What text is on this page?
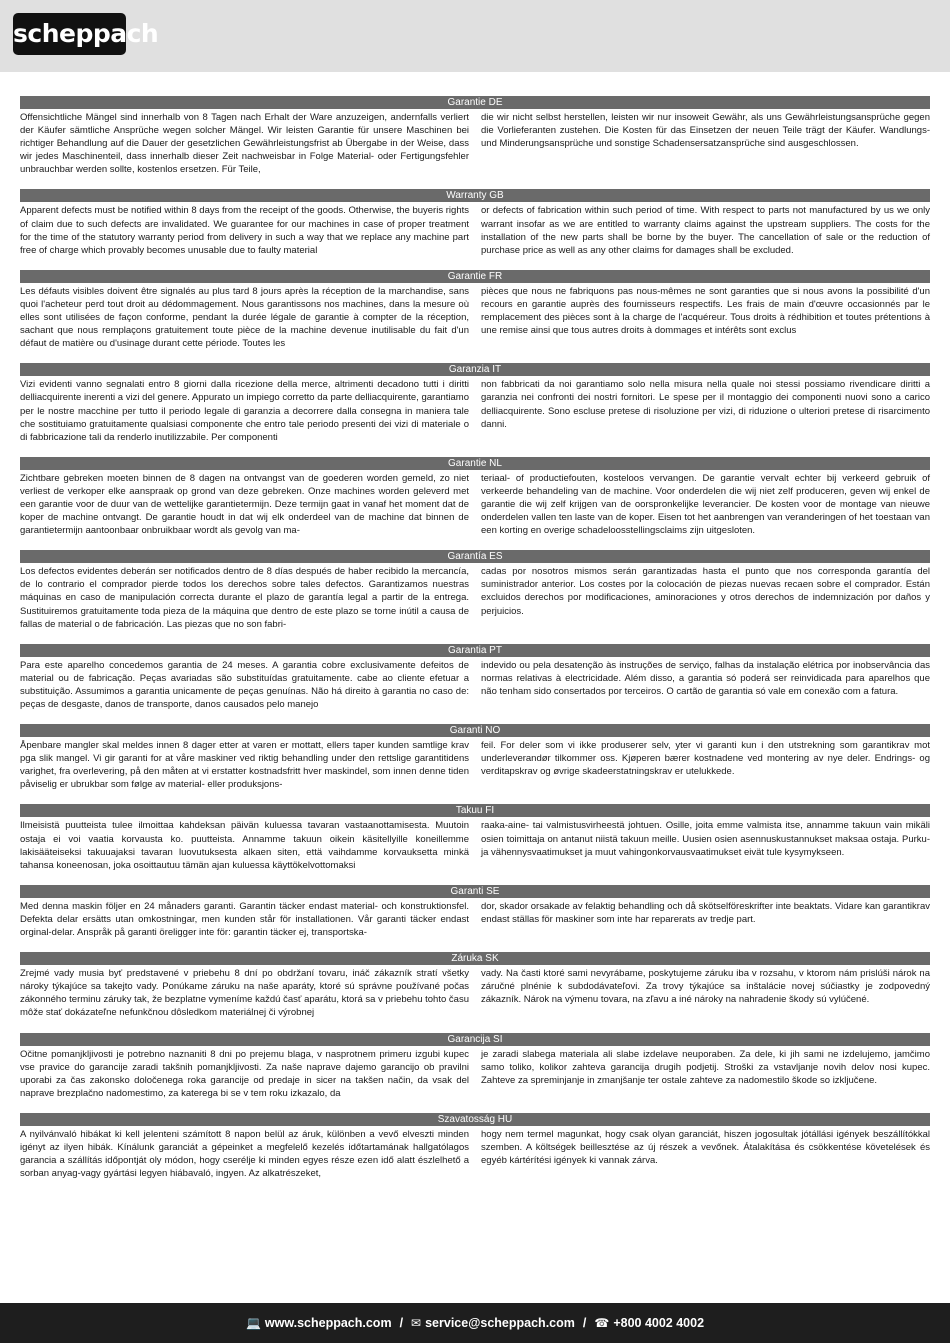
scheppach
Garantie DE

Offensichtliche Mängel sind innerhalb von 8 Tagen nach Erhalt der Ware anzuzeigen, andernfalls verliert der Käufer sämtliche Ansprüche wegen solcher Mängel. Wir leisten Garantie für unsere Maschinen bei richtiger Behandlung auf die Dauer der gesetzlichen Gewährleistungsfrist ab Übergabe in der Weise, dass wir jedes Maschinenteil, dass innerhalb dieser Zeit nachweisbar in Folge Material- oder Fertigungsfehler unbrauchbar werden sollte, kostenlos ersetzen. Für Teile,

die wir nicht selbst herstellen, leisten wir nur insoweit Gewähr, als uns Gewährleistungsansprüche gegen die Vorlieferanten zustehen. Die Kosten für das Einsetzen der neuen Teile trägt der Käufer. Wandlungs- und Minderungsansprüche und sonstige Schadensersatzansprüche sind ausgeschlossen.

Warranty GB

Apparent defects must be notified within 8 days from the receipt of the goods. Otherwise, the buyeris rights of claim due to such defects are invalidated. We guarantee for our machines in case of proper treatment for the time of the statutory warranty period from delivery in such a way that we replace any machine part free of charge which provably becomes unusable due to faulty material

or defects of fabrication within such period of time. With respect to parts not manufactured by us we only warrant insofar as we are entitled to warranty claims against the upstream suppliers. The costs for the installation of the new parts shall be borne by the buyer. The cancellation of sale or the reduction of purchase price as well as any other claims for damages shall be excluded.

Garantie FR

Les défauts visibles doivent être signalés au plus tard 8 jours après la réception de la marchandise, sans quoi l'acheteur perd tout droit au dédommagement. Nous garantissons nos machines, dans la mesure où elles sont utilisées de façon conforme, pendant la durée légale de garantie à compter de la réception, sachant que nous remplaçons gratuitement toute pièce de la machine devenue inutilisable du fait d'un défaut de matière ou d'usinage durant cette période. Toutes les

pièces que nous ne fabriquons pas nous-mêmes ne sont garanties que si nous avons la possibilité d'un recours en garantie auprès des fournisseurs respectifs. Les frais de main d'œuvre occasionnés par le remplacement des pièces sont à la charge de l'acquéreur. Tous droits à rédhibition et toutes prétentions à une remise ainsi que tous autres droits à dommages et intérêts sont exclus

Garanzia IT

Vizi evidenti vanno segnalati entro 8 giorni dalla ricezione della merce, altrimenti decadono tutti i diritti delliacquirente inerenti a vizi del genere. Appurato un impiego corretto da parte delliacquirente, garantiamo per le nostre macchine per tutto il periodo legale di garanzia a decorrere dalla consegna in maniera tale che sostituiamo gratuitamente qualsiasi componente che entro tale periodo presenti dei vizi di materiale o di fabbricazione tali da renderlo inutilizzabile. Per componenti

non fabbricati da noi garantiamo solo nella misura nella quale noi stessi possiamo rivendicare diritti a garanzia nei confronti dei nostri fornitori. Le spese per il montaggio dei componenti nuovi sono a carico delliacquirente. Sono escluse pretese di risoluzione per vizi, di riduzione o ulteriori pretese di risarcimento danni.

Garantie NL

Zichtbare gebreken moeten binnen de 8 dagen na ontvangst van de goederen worden gemeld, zo niet verliest de verkoper elke aanspraak op grond van deze gebreken. Onze machines worden geleverd met een garantie voor de duur van de wettelijke garantietermijn. Deze termijn gaat in vanaf het moment dat de koper de machine ontvangt. De garantie houdt in dat wij elk onderdeel van de machine dat binnen de garantietermijn aantoonbaar onbruikbaar wordt als gevolg van ma-

teriaal- of productiefouten, kosteloos vervangen. De garantie vervalt echter bij verkeerd gebruik of verkeerde behandeling van de machine. Voor onderdelen die wij niet zelf produceren, geven wij enkel de garantie die wij zelf krijgen van de oorspronkelijke leverancier. De kosten voor de montage van nieuwe onderdelen vallen ten laste van de koper. Eisen tot het aanbrengen van veranderingen of het toestaan van een korting en overige schadeloosstellingsclaims zijn uitgesloten.

Garantía ES

Los defectos evidentes deberán ser notificados dentro de 8 días después de haber recibido la mercancía, de lo contrario el comprador pierde todos los derechos sobre tales defectos. Garantizamos nuestras máquinas en caso de manipulación correcta durante el plazo de garantía legal a partir de la entrega. Sustituiremos gratuitamente toda pieza de la máquina que dentro de este plazo se torne inútil a causa de fallas de material o de fabricación. Las piezas que no son fabri-

cadas por nosotros mismos serán garantizadas hasta el punto que nos corresponda garantía del suministrador anterior. Los costes por la colocación de piezas nuevas recaen sobre el comprador. Están excluidos derechos por modificaciones, aminoraciones y otros derechos de indemnización por daños y perjuicios.

Garantia PT

Para este aparelho concedemos garantia de 24 meses. A garantia cobre exclusivamente defeitos de material ou de fabricação. Peças avariadas são substituídas gratuitamente. cabe ao cliente efetuar a substituição. Assumimos a garantia unicamente de peças genuínas. Não há direito à garantia no caso de: peças de desgaste, danos de transporte, danos causados pelo manejo

indevido ou pela desatenção às instruções de serviço, falhas da instalação elétrica por inobservância das normas relativas à electricidade. Além disso, a garantia só poderá ser reinvidicada para aparelhos que não tenham sido consertados por terceiros. O cartão de garantia só vale em conexão com a fatura.

Garanti NO

Åpenbare mangler skal meldes innen 8 dager etter at varen er mottatt, ellers taper kunden samtlige krav pga slik mangel. Vi gir garanti for at våre maskiner ved riktig behandling under den rettslige garantitidens varighet, fra overlevering, på den måten at vi erstatter kostnadsfritt hver maskindel, som innen denne tiden påviselig er ubrukbar som følge av material- eller produksjons-

feil. For deler som vi ikke produserer selv, yter vi garanti kun i den utstrekning som garantikrav mot underleverandør tilkommer oss. Kjøperen bærer kostnadene ved montering av nye deler. Endrings- og verditapskrav og øvrige skadeerstatningskrav er utelukkede.

Takuu FI

Ilmeisistä puutteista tulee ilmoittaa kahdeksan päivän kuluessa tavaran vastaanottamisesta. Muutoin ostaja ei voi vaatia korvausta ko. puutteista. Annamme takuun oikein käsitellyille koneillemme lakisääteiseksi takuuajaksi tavaran luovutuksesta alkaen siten, että vaihdamme korvauksetta minkä tahansa koneenosan, joka osoittautuu tämän ajan kuluessa käyttökelvottomaksi

raaka-aine- tai valmistusvirheestä johtuen. Osille, joita emme valmista itse, annamme takuun vain mikäli osien toimittaja on antanut niistä takuun meille. Uusien osien asennuskustannukset maksaa ostaja. Purku- ja vähennysvaatimukset ja muut vahingonkorvausvaatimukset eivät tule kysymykseen.

Garanti SE

Med denna maskin följer en 24 månaders garanti. Garantin täcker endast material- och konstruktionsfel. Defekta delar ersätts utan omkostningar, men kunden står för installationen. Vår garanti täcker endast orginal-delar. Anspråk på garanti öreligger inte för: garantin täcker ej, transportska-

dor, skador orsakade av felaktig behandling och då skötselföreskrifter inte beaktats. Vidare kan garantikrav endast ställas för maskiner som inte har reparerats av tredje part.

Záruka SK

Zrejmé vady musia byť predstavené v priebehu 8 dní po obdržaní tovaru, ináč zákazník stratí všetky nároky týkajúce sa takejto vady. Ponúkame záruku na naše aparáty, ktoré sú správne používané počas zákonného terminu záruky tak, že bezplatne vymeníme každú časť aparátu, ktorá sa v priebehu tohto času môže stať dokázateľne nefunkčnou dôsledkom materiálnej či výrobnej

vady. Na časti ktoré sami nevyrábame, poskytujeme záruku iba v rozsahu, v ktorom nám prislúši nárok na záručné plnénie k subdodávateľovi. Za trovy týkajúce sa inštalácie novej súčiastky je zodpovedný zákazník. Nárok na výmenu tovara, na zľavu a iné nároky na nahradenie škody sú vylúčené.

Garancija SI

Očitne pomanjkljivosti je potrebno naznaniti 8 dni po prejemu blaga, v nasprotnem primeru izgubi kupec vse pravice do garancije zaradi takšnih pomanjkljivosti. Za naše naprave dajemo garancijo ob pravilni uporabi za čas zakonsko določenega roka garancije od predaje in sicer na takšen način, da vsak del naprave brezplačno nadomestimo, za katerega bi se v tem roku izkazalo, da

je zaradi slabega materiala ali slabe izdelave neuporaben. Za dele, ki jih sami ne izdelujemo, jamčimo samo toliko, kolikor zahteva garancija drugih podjetij. Stroški za vstavljanje novih delov nosi kupec. Zahteve za spreminjanje in zmanjšanje ter ostale zahteve za nadomestilo škode so izključene.

Szavatosság HU

A nyilvánvaló hibákat ki kell jelenteni számított 8 napon belül az áruk, különben a vevő elveszti minden igényt az ilyen hibák. Kínálunk garanciát a gépeinket a megfelelő kezelés időtartamának hallgatólagos garancia a szállítás időpontját oly módon, hogy cserélje ki minden egyes része ezen idő alatt észlelhető a sorban anyag-vagy gyártási legyen hiábavaló, ingyen. Az alkatrészeket,

hogy nem termel magunkat, hogy csak olyan garanciát, hiszen jogosultak jótállási igények beszállítókkal szemben. A költségek beillesztése az új részek a vevőnek. Átalakítása és csökkentése követelések és egyéb kártérítési igények ki vannak zárva.

💻 www.scheppach.com / ✉ service@scheppach.com / ☎ +800 4002 4002
